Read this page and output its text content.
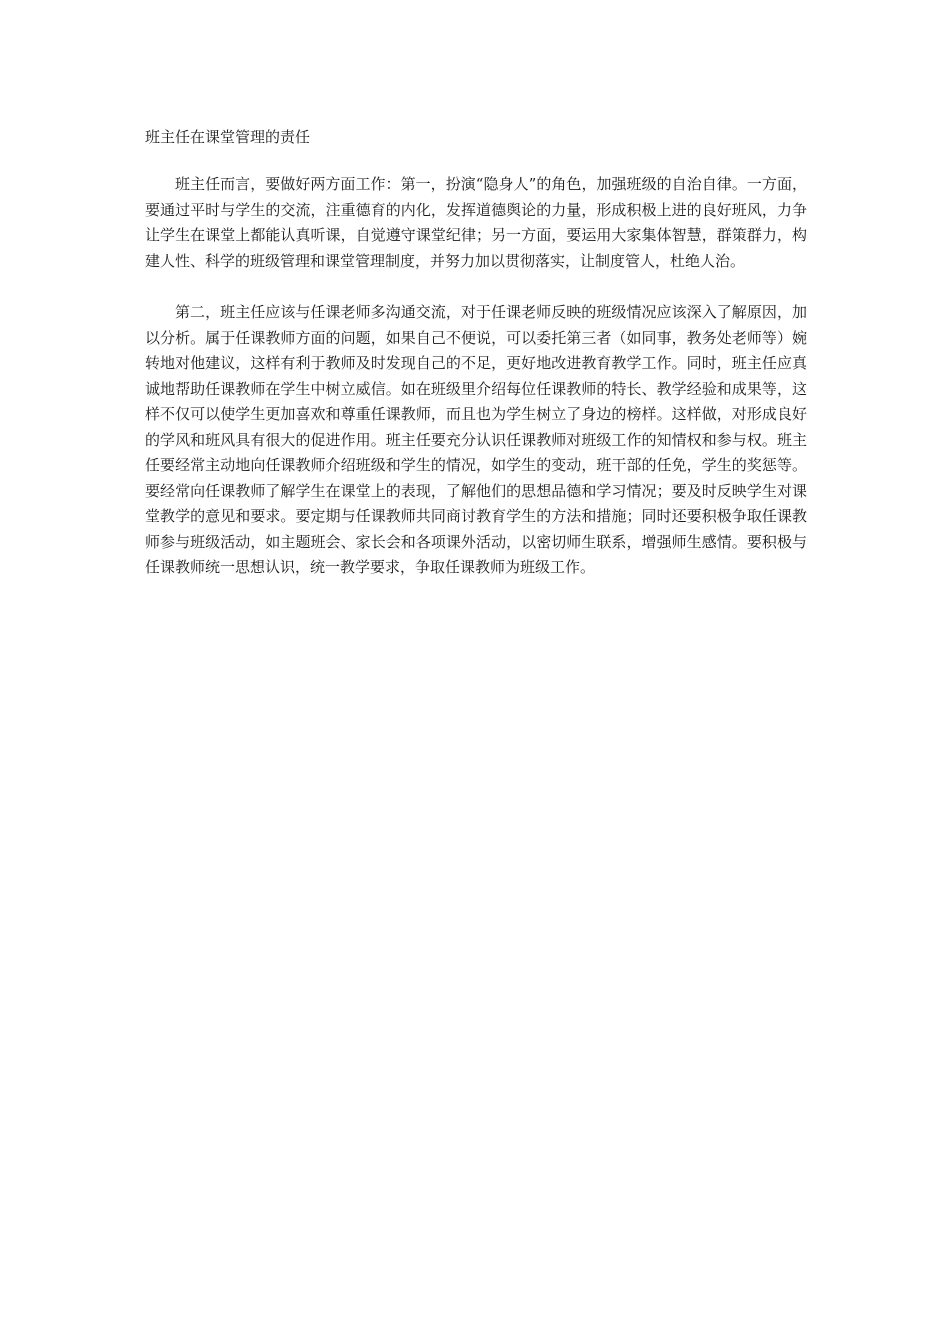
班主任在课堂管理的责任

班主任而言，要做好两方面工作：第一，扮演“隐身人”的角色，加强班级的自治自律。一方面，要通过平时与学生的交流，注重德育的内化，发挥道德舆论的力量，形成积极上进的良好班风，力争让学生在课堂上都能认真听课，自觉遵守课堂纪律；另一方面，要运用大家集体智慧，群策群力，构建人性、科学的班级管理和课堂管理制度，并努力加以贯彻落实，让制度管人，杜绝人治。

第二，班主任应该与任课老师多沟通交流，对于任课老师反映的班级情况应该深入了解原因，加以分析。属于任课教师方面的问题，如果自己不便说，可以委托第三者（如同事，教务处老师等）婉转地对他建议，这样有利于教师及时发现自己的不足，更好地改进教育教学工作。同时，班主任应真诚地帮助任课教师在学生中树立威信。如在班级里介绍每位任课教师的特长、教学经验和成果等，这样不仅可以使学生更加喜欢和尊重任课教师，而且也为学生树立了身边的榜样。这样做，对形成良好的学风和班风具有很大的促进作用。班主任要充分认识任课教师对班级工作的知情权和参与权。班主任要经常主动地向任课教师介绍班级和学生的情况，如学生的变动，班干部的任免，学生的奖惩等。要经常向任课教师了解学生在课堂上的表现，了解他们的思想品德和学习情况；要及时反映学生对课堂教学的意见和要求。要定期与任课教师共同商讨教育学生的方法和措施；同时还要积极争取任课教师参与班级活动，如主题班会、家长会和各项课外活动，以密切师生联系，增强师生感情。要积极与任课教师统一思想认识，统一教学要求，争取任课教师为班级工作。
